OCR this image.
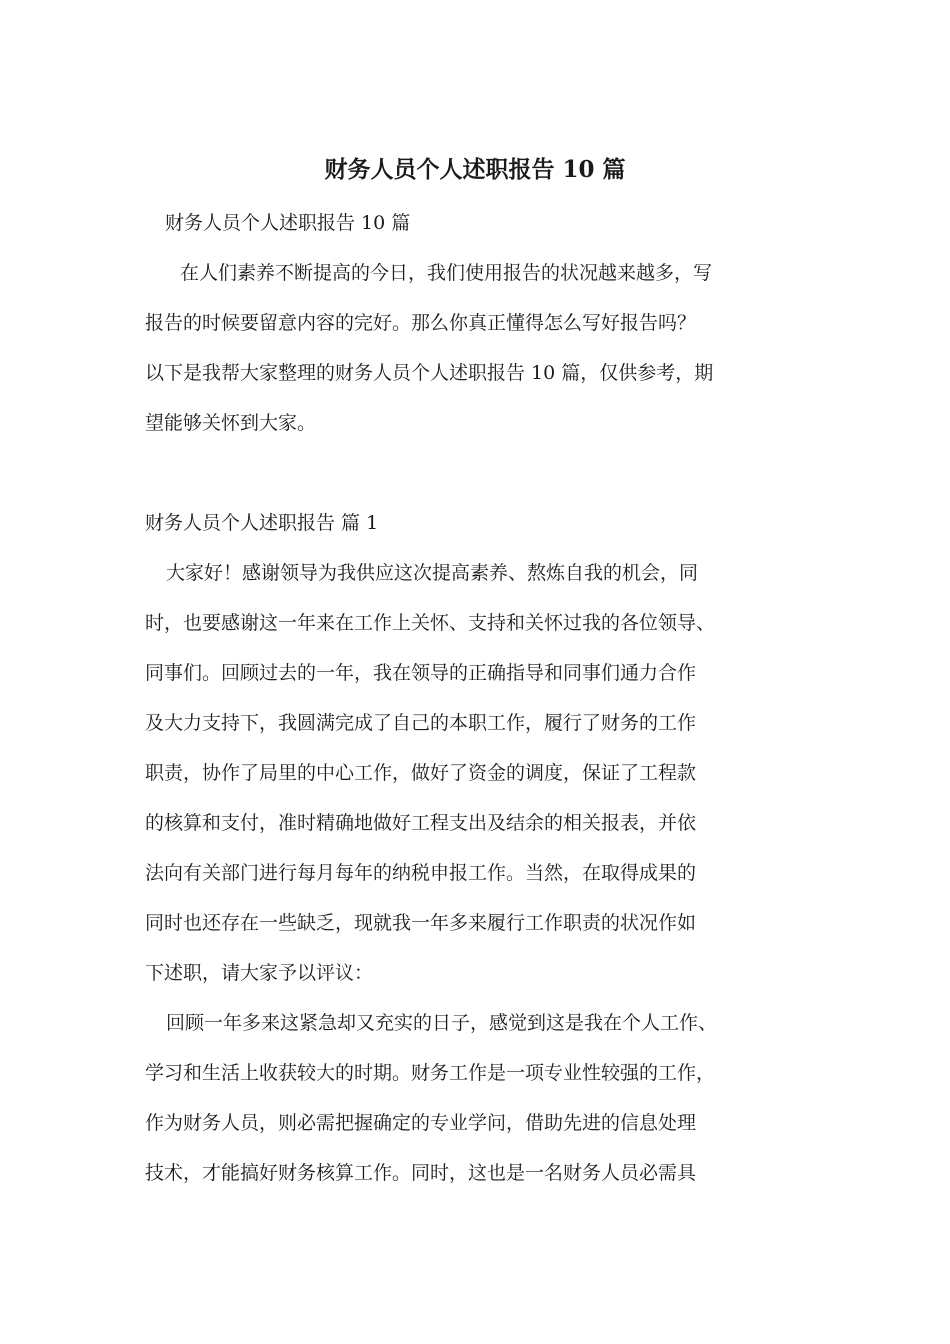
财务人员个人述职报告 10 篇
财务人员个人述职报告 10 篇
在人们素养不断提高的今日，我们使用报告的状况越来越多，写
报告的时候要留意内容的完好。那么你真正懂得怎么写好报告吗？
以下是我帮大家整理的财务人员个人述职报告 10 篇，仅供参考，期
望能够关怀到大家。
财务人员个人述职报告 篇 1
大家好！感谢领导为我供应这次提高素养、熬炼自我的机会，同
时，也要感谢这一年来在工作上关怀、支持和关怀过我的各位领导、
同事们。回顾过去的一年，我在领导的正确指导和同事们通力合作
及大力支持下，我圆满完成了自己的本职工作，履行了财务的工作
职责，协作了局里的中心工作，做好了资金的调度，保证了工程款
的核算和支付，准时精确地做好工程支出及结余的相关报表，并依
法向有关部门进行每月每年的纳税申报工作。当然，在取得成果的
同时也还存在一些缺乏，现就我一年多来履行工作职责的状况作如
下述职，请大家予以评议：
回顾一年多来这紧急却又充实的日子，感觉到这是我在个人工作、
学习和生活上收获较大的时期。财务工作是一项专业性较强的工作，
作为财务人员，则必需把握确定的专业学问，借助先进的信息处理
技术，才能搞好财务核算工作。同时，这也是一名财务人员必需具
